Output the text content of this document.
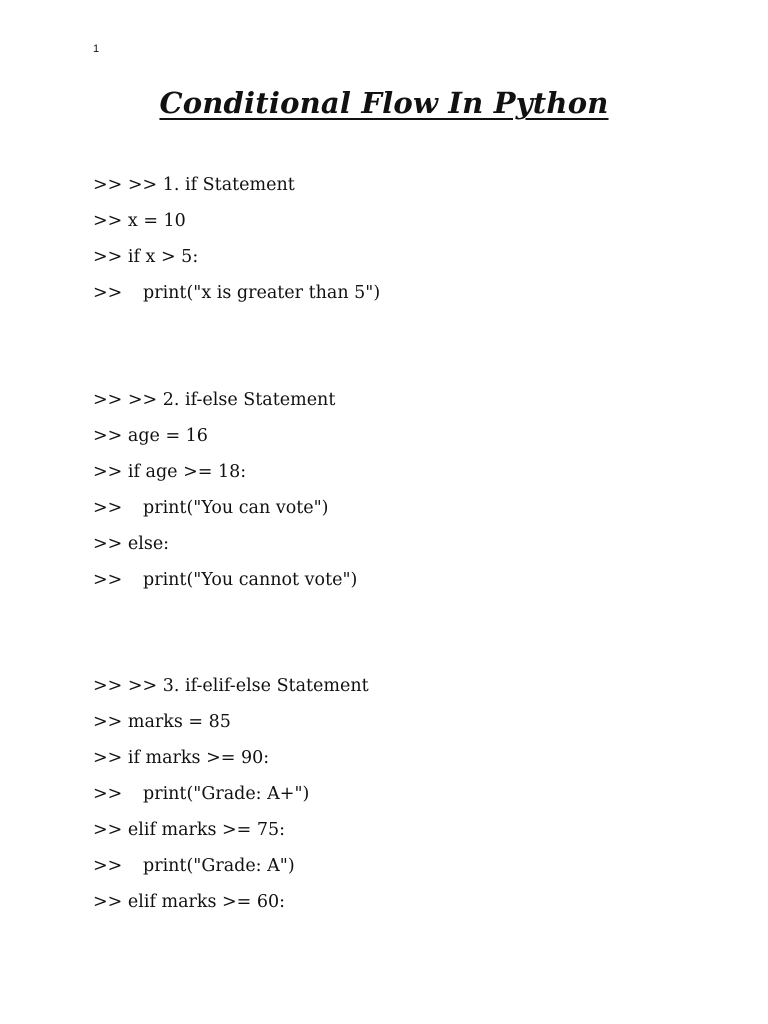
1
Conditional Flow In Python
>> >> 1. if Statement
>> x = 10
>> if x > 5:
>> print("x is greater than 5")
>> >> 2. if-else Statement
>> age = 16
>> if age >= 18:
>> print("You can vote")
>> else:
>> print("You cannot vote")
>> >> 3. if-elif-else Statement
>> marks = 85
>> if marks >= 90:
>> print("Grade: A+")
>> elif marks >= 75:
>> print("Grade: A")
>> elif marks >= 60:
